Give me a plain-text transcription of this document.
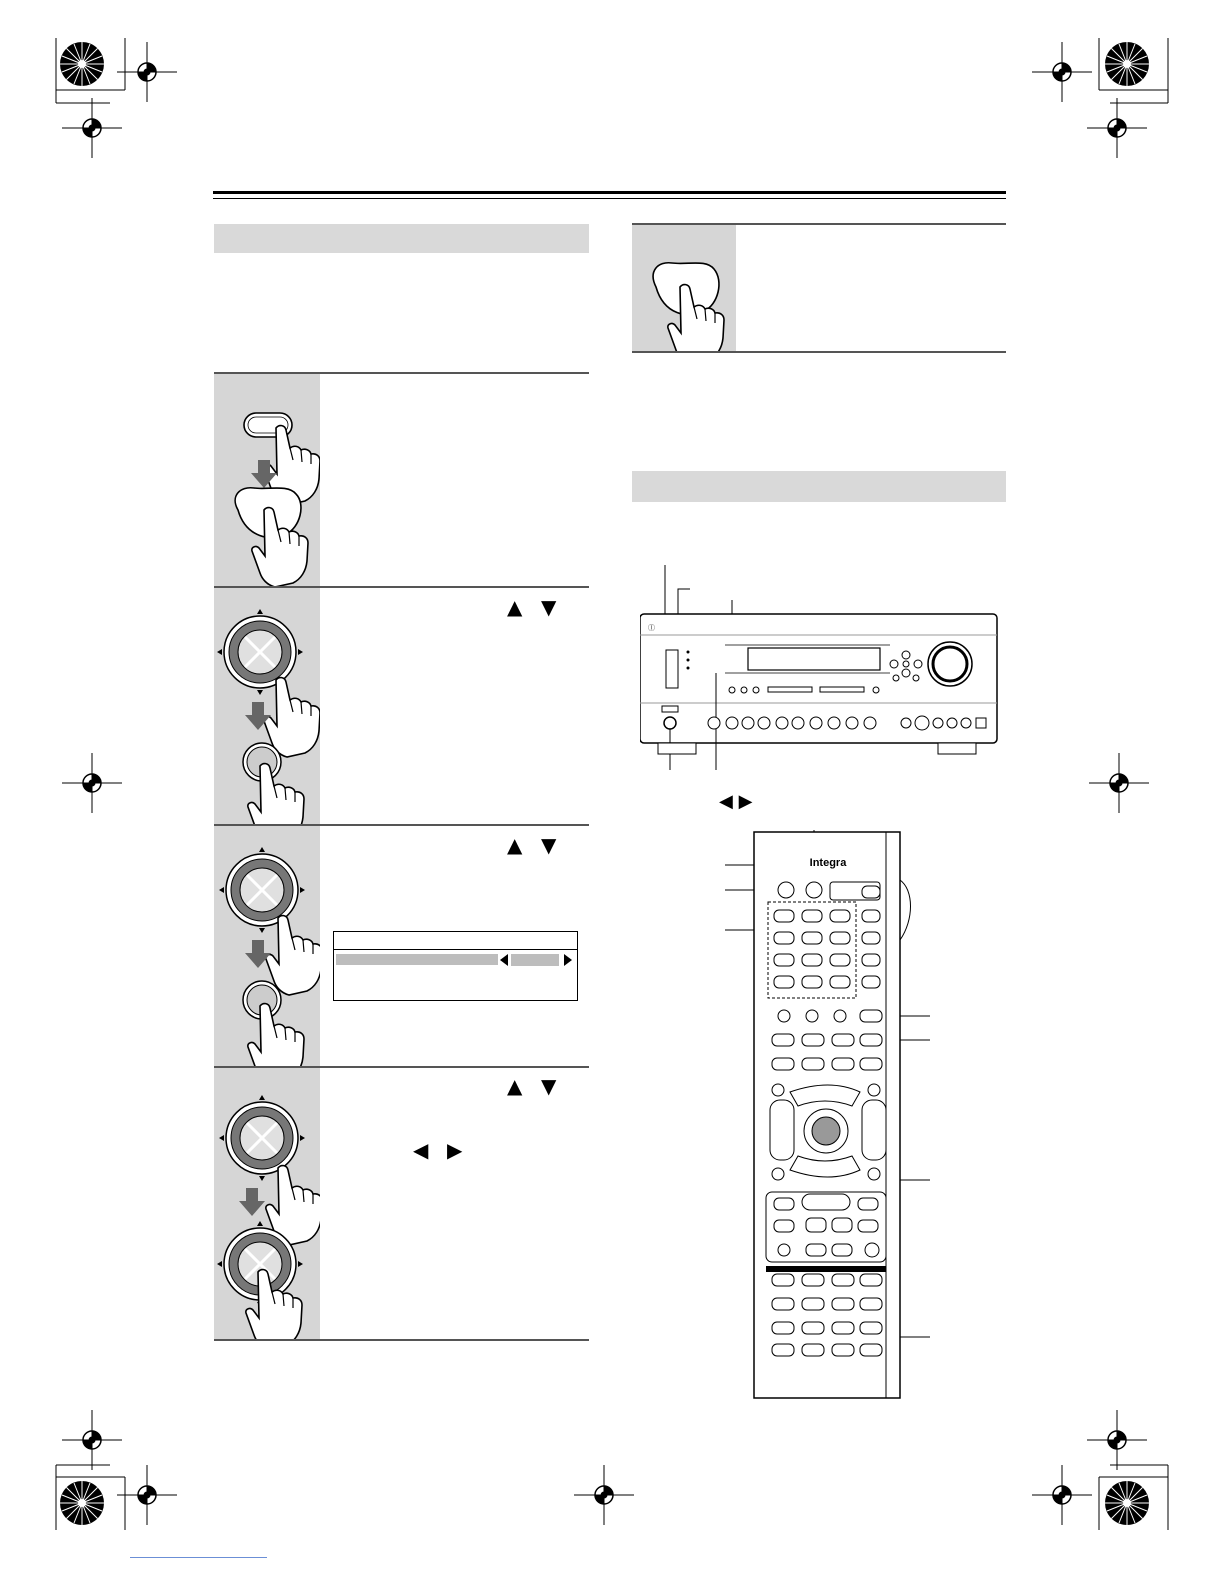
▲ ▼
▲ ▼
▲ ▼
◀ ▶
Ⓘ
◀ ▶
Integra
